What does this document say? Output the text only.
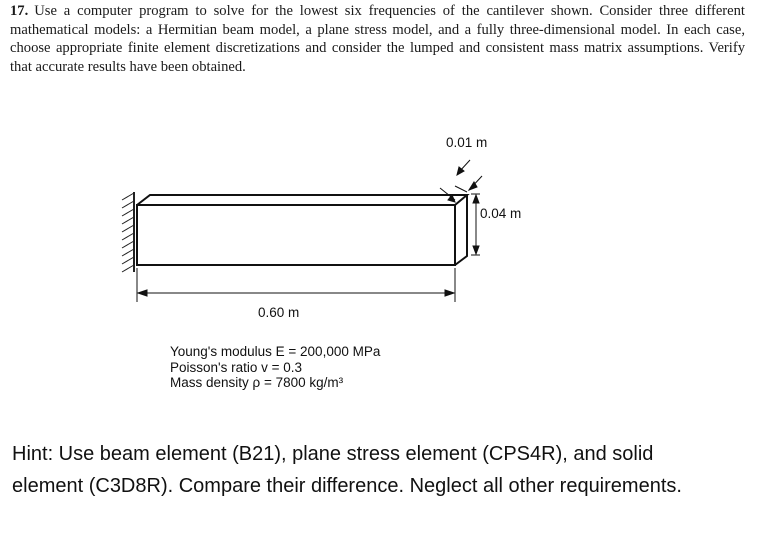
17. Use a computer program to solve for the lowest six frequencies of the cantilever shown. Consider three different mathematical models: a Hermitian beam model, a plane stress model, and a fully three-dimensional model. In each case, choose appropriate finite element discretizations and consider the lumped and consistent mass matrix assumptions. Verify that accurate results have been obtained.
0.01 m
0.04 m
0.60 m
Young's modulus E = 200,000 MPa
Poisson's ratio v = 0.3
Mass density ρ = 7800 kg/m³
Hint: Use beam element (B21), plane stress element (CPS4R), and solid element (C3D8R). Compare their difference. Neglect all other requirements.
